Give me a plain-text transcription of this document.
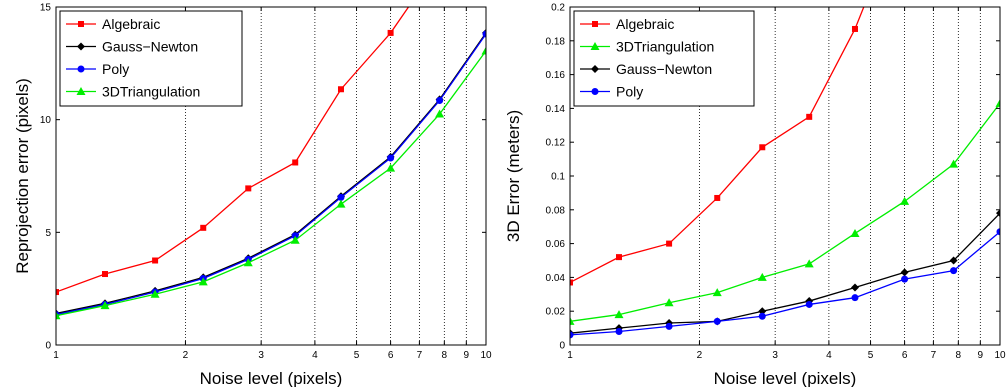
1	2	3	4	5	6 7 8 9 10
0
5
10
15
Noise level (pixels)
Reprojection error (pixels)
Algebraic
Gauss−Newton
Poly
3DTriangulation
1	2	3	4	5	6 7 8 9 10
0
0.02
0.04
0.06
0.08
0.1
0.12
0.14
0.16
0.18
0.2
Noise level (pixels)
3D Error (meters)
Algebraic
3DTriangulation
Gauss−Newton
Poly
